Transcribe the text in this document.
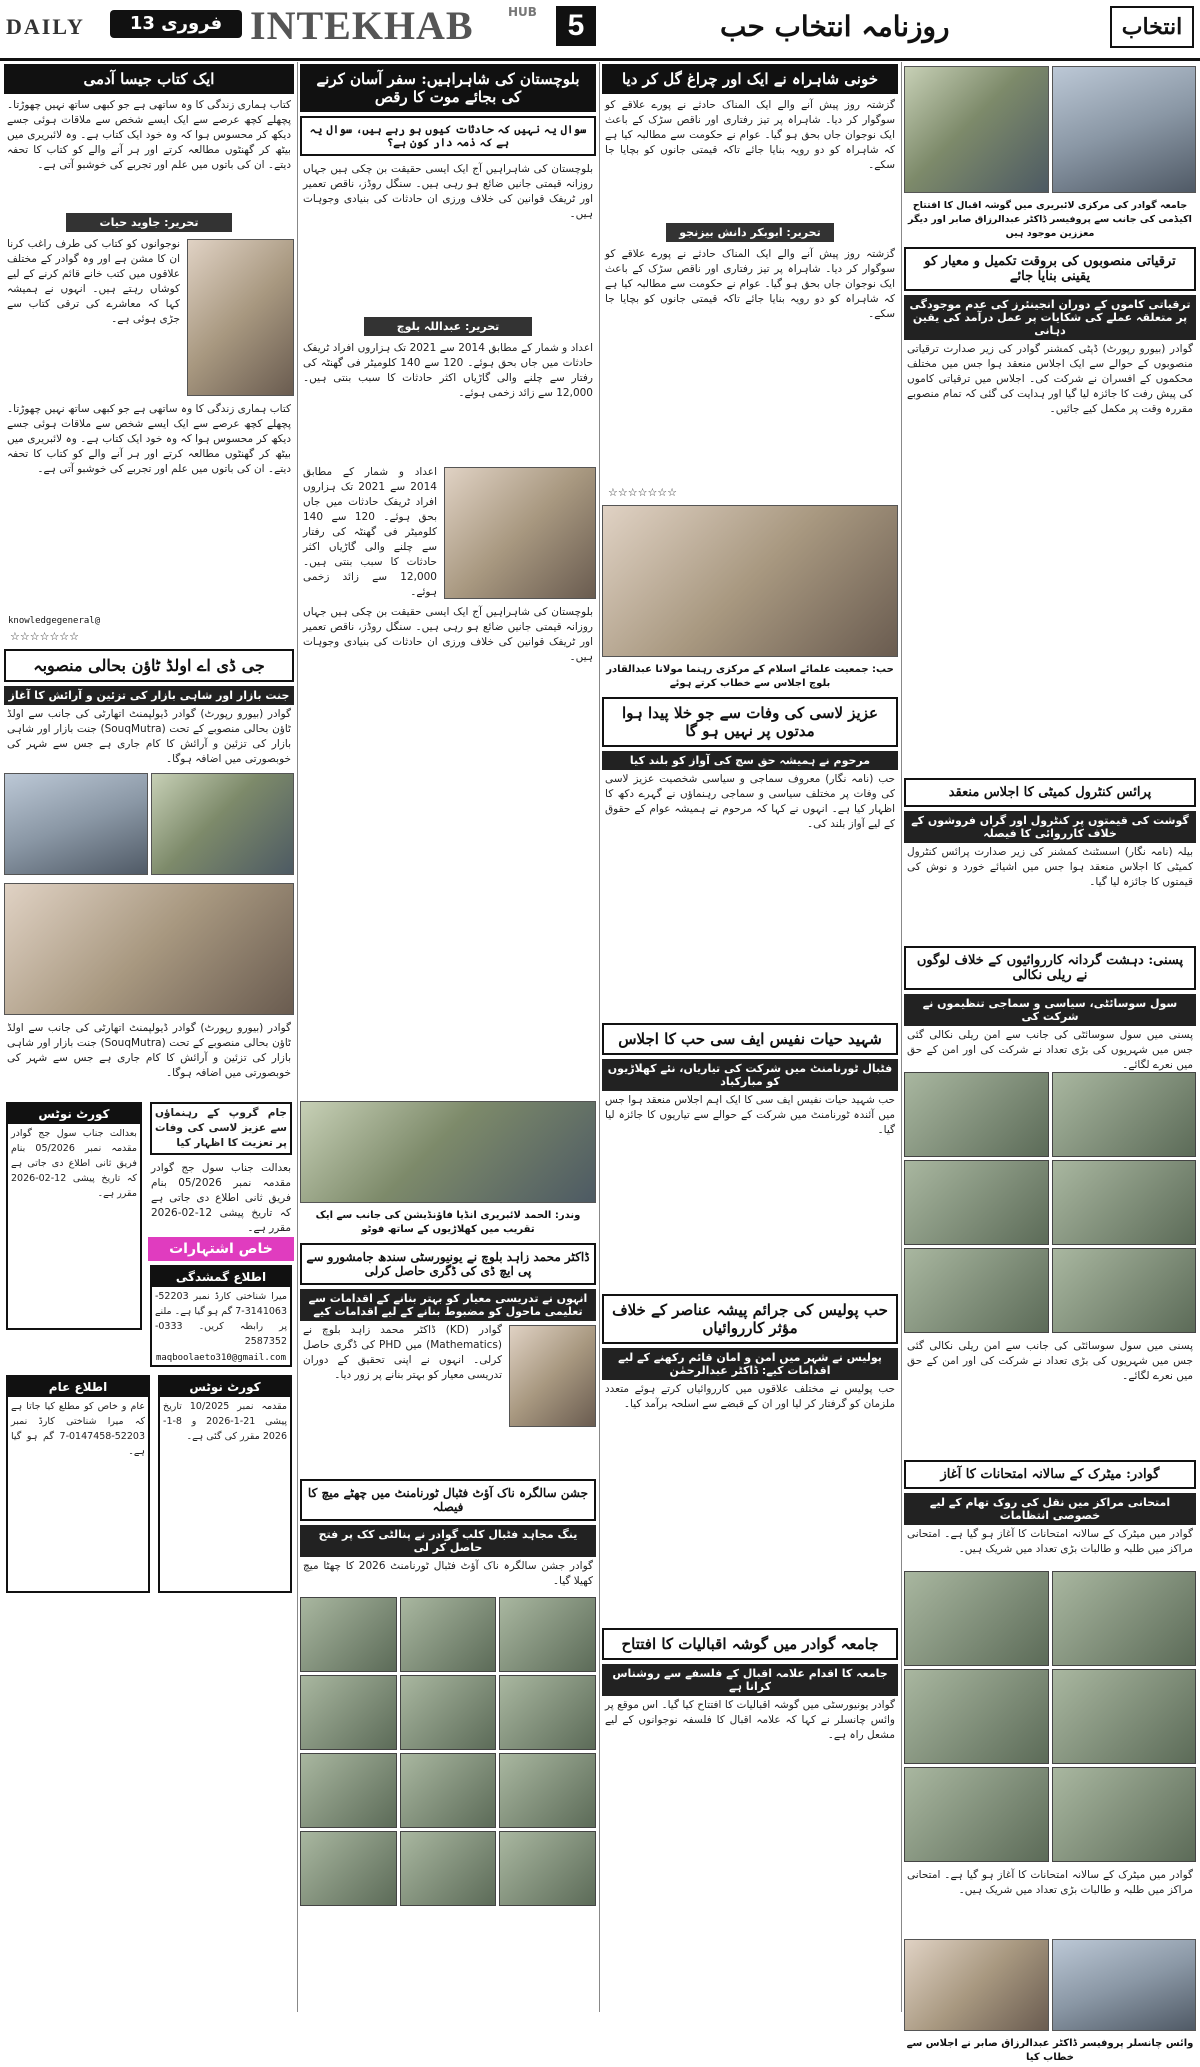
DAILY	13 فروری 2026ء
INTEKHAB	HUB	5	روزنامہ انتخاب حب	انتخاب
ایک کتاب جیسا آدمی
کتاب ہماری زندگی کا وہ ساتھی ہے جو کبھی ساتھ نہیں چھوڑتا۔ پچھلے کچھ عرصے سے ایک ایسے شخص سے ملاقات ہوئی جسے دیکھ کر محسوس ہوا کہ وہ خود ایک کتاب ہے۔ وہ لائبریری میں بیٹھ کر گھنٹوں مطالعہ کرتے اور ہر آنے والے کو کتاب کا تحفہ دیتے۔ ان کی باتوں میں علم اور تجربے کی خوشبو آتی ہے۔
تحریر: جاوید حیات
نوجوانوں کو کتاب کی طرف راغب کرنا ان کا مشن ہے اور وہ گوادر کے مختلف علاقوں میں کتب خانے قائم کرنے کے لیے کوشاں رہتے ہیں۔ انہوں نے ہمیشہ کہا کہ معاشرے کی ترقی کتاب سے جڑی ہوئی ہے۔
کتاب ہماری زندگی کا وہ ساتھی ہے جو کبھی ساتھ نہیں چھوڑتا۔ پچھلے کچھ عرصے سے ایک ایسے شخص سے ملاقات ہوئی جسے دیکھ کر محسوس ہوا کہ وہ خود ایک کتاب ہے۔ وہ لائبریری میں بیٹھ کر گھنٹوں مطالعہ کرتے اور ہر آنے والے کو کتاب کا تحفہ دیتے۔ ان کی باتوں میں علم اور تجربے کی خوشبو آتی ہے۔
knowledgegeneral@
☆☆☆☆☆☆☆
جی ڈی اے اولڈ ٹاؤن بحالی منصوبہ
جنت بازار اور شاہی بازار کی تزئین و آرائش کا آغاز
گوادر (بیورو رپورٹ) گوادر ڈیولپمنٹ اتھارٹی کی جانب سے اولڈ ٹاؤن بحالی منصوبے کے تحت (SouqMutra) جنت بازار اور شاہی بازار کی تزئین و آرائش کا کام جاری ہے جس سے شہر کی خوبصورتی میں اضافہ ہوگا۔
گوادر (بیورو رپورٹ) گوادر ڈیولپمنٹ اتھارٹی کی جانب سے اولڈ ٹاؤن بحالی منصوبے کے تحت (SouqMutra) جنت بازار اور شاہی بازار کی تزئین و آرائش کا کام جاری ہے جس سے شہر کی خوبصورتی میں اضافہ ہوگا۔
کورٹ نوٹس
بعدالت جناب سول جج گوادر مقدمہ نمبر 05/2026 بنام فریق ثانی اطلاع دی جاتی ہے کہ تاریخ پیشی 12-02-2026 مقرر ہے۔
جام گروپ کے رہنماؤں سے عزیز لاسی کی وفات پر تعزیت کا اظہار کیا
بعدالت جناب سول جج گوادر مقدمہ نمبر 05/2026 بنام فریق ثانی اطلاع دی جاتی ہے کہ تاریخ پیشی 12-02-2026 مقرر ہے۔
خاص اشتہارات
اطلاع گمشدگی
میرا شناختی کارڈ نمبر 52203-3141063-7 گم ہو گیا ہے۔ ملنے پر رابطہ کریں۔ 0333-2587352
maqboolaeto310@gmail.com
اطلاع عام
عام و خاص کو مطلع کیا جاتا ہے کہ میرا شناختی کارڈ نمبر 52203-0147458-7 گم ہو گیا ہے۔
کورٹ نوٹس
مقدمہ نمبر 10/2025 تاریخ پیشی 21-1-2026 و 8-1-2026 مقرر کی گئی ہے۔
بلوچستان کی شاہراہیں: سفر آسان کرنے کی بجائے موت کا رقص
سوال یہ نہیں کہ حادثات کیوں ہو رہے ہیں، سوال یہ ہے کہ ذمہ دار کون ہے؟
بلوچستان کی شاہراہیں آج ایک ایسی حقیقت بن چکی ہیں جہاں روزانہ قیمتی جانیں ضائع ہو رہی ہیں۔ سنگل روڈز، ناقص تعمیر اور ٹریفک قوانین کی خلاف ورزی ان حادثات کی بنیادی وجوہات ہیں۔
تحریر: عبداللہ بلوچ
اعداد و شمار کے مطابق 2014 سے 2021 تک ہزاروں افراد ٹریفک حادثات میں جاں بحق ہوئے۔ 120 سے 140 کلومیٹر فی گھنٹہ کی رفتار سے چلنے والی گاڑیاں اکثر حادثات کا سبب بنتی ہیں۔ 12,000 سے زائد زخمی ہوئے۔
اعداد و شمار کے مطابق 2014 سے 2021 تک ہزاروں افراد ٹریفک حادثات میں جاں بحق ہوئے۔ 120 سے 140 کلومیٹر فی گھنٹہ کی رفتار سے چلنے والی گاڑیاں اکثر حادثات کا سبب بنتی ہیں۔ 12,000 سے زائد زخمی ہوئے۔
بلوچستان کی شاہراہیں آج ایک ایسی حقیقت بن چکی ہیں جہاں روزانہ قیمتی جانیں ضائع ہو رہی ہیں۔ سنگل روڈز، ناقص تعمیر اور ٹریفک قوانین کی خلاف ورزی ان حادثات کی بنیادی وجوہات ہیں۔
وندر: الحمد لائبریری انڈیا فاؤنڈیشن کی جانب سے ایک تقریب میں کھلاڑیوں کے ساتھ فوٹو
ڈاکٹر محمد زاہد بلوچ نے یونیورسٹی سندھ جامشورو سے پی ایچ ڈی کی ڈگری حاصل کرلی
انہوں نے تدریسی معیار کو بہتر بنانے کے اقدامات سے تعلیمی ماحول کو مضبوط بنانے کے لیے اقدامات کیے
گوادر (KD) ڈاکٹر محمد زاہد بلوچ نے (Mathematics) میں PHD کی ڈگری حاصل کرلی۔ انہوں نے اپنی تحقیق کے دوران تدریسی معیار کو بہتر بنانے پر زور دیا۔
جشن سالگرہ ناک آؤٹ فٹبال ٹورنامنٹ میں چھٹے میچ کا فیصلہ
ینگ مجاہد فٹبال کلب گوادر نے پنالٹی کک پر فتح حاصل کر لی
گوادر جشن سالگرہ ناک آؤٹ فٹبال ٹورنامنٹ 2026 کا چھٹا میچ کھیلا گیا۔
خونی شاہراہ نے ایک اور چراغ گل کر دیا
گزشتہ روز پیش آنے والے ایک المناک حادثے نے پورے علاقے کو سوگوار کر دیا۔ شاہراہ پر تیز رفتاری اور ناقص سڑک کے باعث ایک نوجوان جاں بحق ہو گیا۔ عوام نے حکومت سے مطالبہ کیا ہے کہ شاہراہ کو دو رویہ بنایا جائے تاکہ قیمتی جانوں کو بچایا جا سکے۔
تحریر: ابوبکر دانش بیزنجو
گزشتہ روز پیش آنے والے ایک المناک حادثے نے پورے علاقے کو سوگوار کر دیا۔ شاہراہ پر تیز رفتاری اور ناقص سڑک کے باعث ایک نوجوان جاں بحق ہو گیا۔ عوام نے حکومت سے مطالبہ کیا ہے کہ شاہراہ کو دو رویہ بنایا جائے تاکہ قیمتی جانوں کو بچایا جا سکے۔
☆☆☆☆☆☆☆
حب: جمعیت علمائے اسلام کے مرکزی رہنما مولانا عبدالقادر بلوچ اجلاس سے خطاب کرتے ہوئے
عزیز لاسی کی وفات سے جو خلا پیدا ہوا مدتوں پر نہیں ہو گا
مرحوم نے ہمیشہ حق سچ کی آواز کو بلند کیا
حب (نامہ نگار) معروف سماجی و سیاسی شخصیت عزیز لاسی کی وفات پر مختلف سیاسی و سماجی رہنماؤں نے گہرے دکھ کا اظہار کیا ہے۔ انہوں نے کہا کہ مرحوم نے ہمیشہ عوام کے حقوق کے لیے آواز بلند کی۔
شہید حیات نفیس ایف سی حب کا اجلاس
فٹبال ٹورنامنٹ میں شرکت کی تیاریاں، نئے کھلاڑیوں کو مبارکباد
حب شہید حیات نفیس ایف سی کا ایک اہم اجلاس منعقد ہوا جس میں آئندہ ٹورنامنٹ میں شرکت کے حوالے سے تیاریوں کا جائزہ لیا گیا۔
حب پولیس کی جرائم پیشہ عناصر کے خلاف مؤثر کارروائیاں
پولیس نے شہر میں امن و امان قائم رکھنے کے لیے اقدامات کیے: ڈاکٹر عبدالرحمٰن
حب پولیس نے مختلف علاقوں میں کارروائیاں کرتے ہوئے متعدد ملزمان کو گرفتار کر لیا اور ان کے قبضے سے اسلحہ برآمد کیا۔
جامعہ گوادر میں گوشہ اقبالیات کا افتتاح
جامعہ کا اقدام علامہ اقبال کے فلسفے سے روشناس کرانا ہے
گوادر یونیورسٹی میں گوشہ اقبالیات کا افتتاح کیا گیا۔ اس موقع پر وائس چانسلر نے کہا کہ علامہ اقبال کا فلسفہ نوجوانوں کے لیے مشعل راہ ہے۔
جامعہ گوادر کی مرکزی لائبریری میں گوشہ اقبال کا افتتاح اکیڈمی کی جانب سے پروفیسر ڈاکٹر عبدالرزاق صابر اور دیگر معززین موجود ہیں
ترقیاتی منصوبوں کی بروقت تکمیل و معیار کو یقینی بنایا جائے
ترقیاتی کاموں کے دوران انجینئرز کی عدم موجودگی پر متعلقہ عملے کی شکایات پر عمل درآمد کی یقین دہانی
گوادر (بیورو رپورٹ) ڈپٹی کمشنر گوادر کی زیر صدارت ترقیاتی منصوبوں کے حوالے سے ایک اجلاس منعقد ہوا جس میں مختلف محکموں کے افسران نے شرکت کی۔ اجلاس میں ترقیاتی کاموں کی پیش رفت کا جائزہ لیا گیا اور ہدایت کی گئی کہ تمام منصوبے مقررہ وقت پر مکمل کیے جائیں۔
پرائس کنٹرول کمیٹی کا اجلاس منعقد
گوشت کی قیمتوں پر کنٹرول اور گراں فروشوں کے خلاف کارروائی کا فیصلہ
بیلہ (نامہ نگار) اسسٹنٹ کمشنر کی زیر صدارت پرائس کنٹرول کمیٹی کا اجلاس منعقد ہوا جس میں اشیائے خورد و نوش کی قیمتوں کا جائزہ لیا گیا۔
پسنی: دہشت گردانہ کارروائیوں کے خلاف لوگوں نے ریلی نکالی
سول سوسائٹی، سیاسی و سماجی تنظیموں نے شرکت کی
پسنی میں سول سوسائٹی کی جانب سے امن ریلی نکالی گئی جس میں شہریوں کی بڑی تعداد نے شرکت کی اور امن کے حق میں نعرے لگائے۔
پسنی میں سول سوسائٹی کی جانب سے امن ریلی نکالی گئی جس میں شہریوں کی بڑی تعداد نے شرکت کی اور امن کے حق میں نعرے لگائے۔
گوادر: میٹرک کے سالانہ امتحانات کا آغاز
امتحانی مراکز میں نقل کی روک تھام کے لیے خصوصی انتظامات
گوادر میں میٹرک کے سالانہ امتحانات کا آغاز ہو گیا ہے۔ امتحانی مراکز میں طلبہ و طالبات بڑی تعداد میں شریک ہیں۔
گوادر میں میٹرک کے سالانہ امتحانات کا آغاز ہو گیا ہے۔ امتحانی مراکز میں طلبہ و طالبات بڑی تعداد میں شریک ہیں۔
وائس چانسلر پروفیسر ڈاکٹر عبدالرزاق صابر نے اجلاس سے خطاب کیا
